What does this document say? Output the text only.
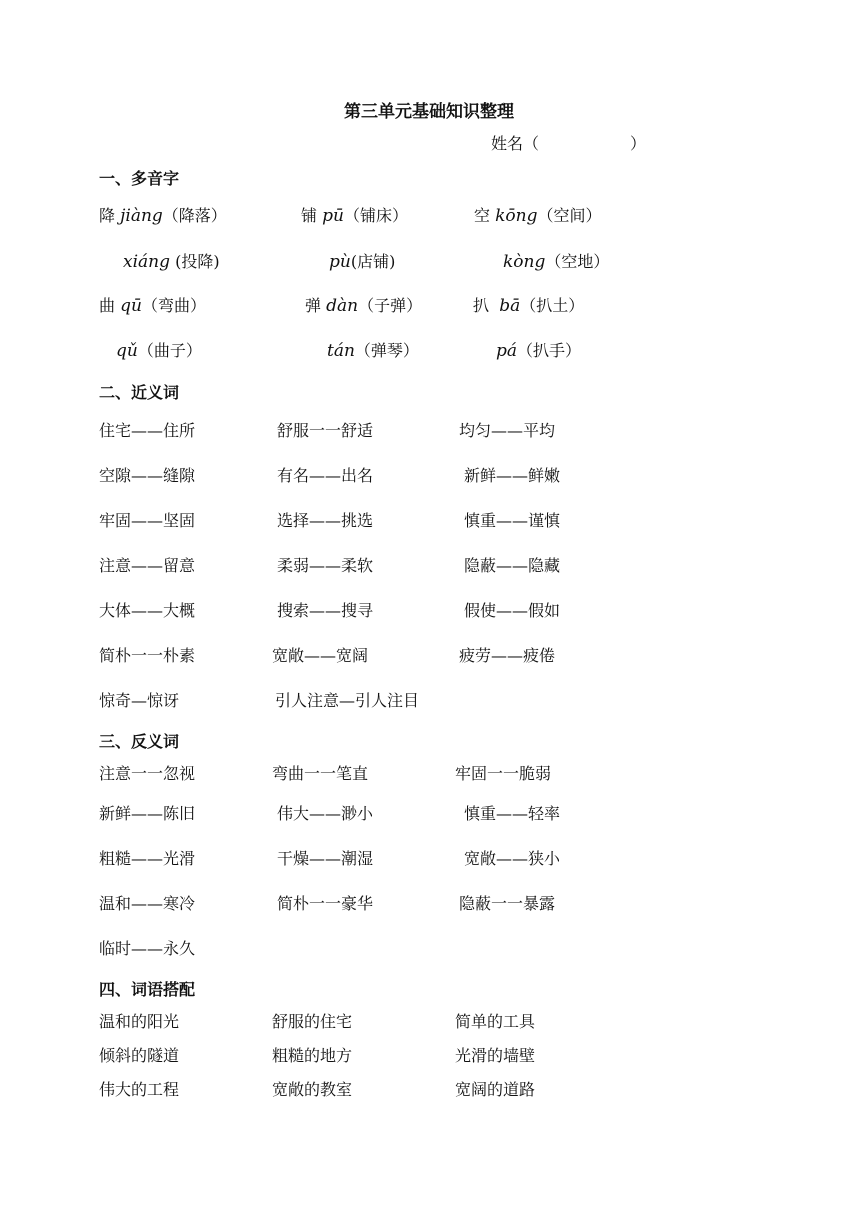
第三单元基础知识整理
姓名（	）
一、多音字
降 jiàng（降落）	铺 pū（铺床）	空 kōng（空间）
xiáng (投降)	pù(店铺)	kòng（空地）
曲 qū（弯曲）	弹 dàn（子弹）	扒 bā（扒土）
qǔ（曲子）	tán（弹琴）	pá（扒手）
二、近义词
住宅——住所	舒服一一舒适	均匀——平均
空隙——缝隙	有名——出名	新鲜——鲜嫩
牢固——坚固	选择——挑选	慎重——谨慎
注意——留意	柔弱——柔软	隐蔽——隐藏
大体——大概	搜索——搜寻	假使——假如
简朴一一朴素	宽敞——宽阔	疲劳——疲倦
惊奇—惊讶	引人注意—引人注目
三、反义词
注意一一忽视	弯曲一一笔直	牢固一一脆弱
新鲜——陈旧	伟大——渺小	慎重——轻率
粗糙——光滑	干燥——潮湿	宽敞——狭小
温和——寒冷	简朴一一豪华	隐蔽一一暴露
临时——永久
四、词语搭配
温和的阳光	舒服的住宅	简单的工具
倾斜的隧道	粗糙的地方	光滑的墙壁
伟大的工程	宽敞的教室	宽阔的道路
